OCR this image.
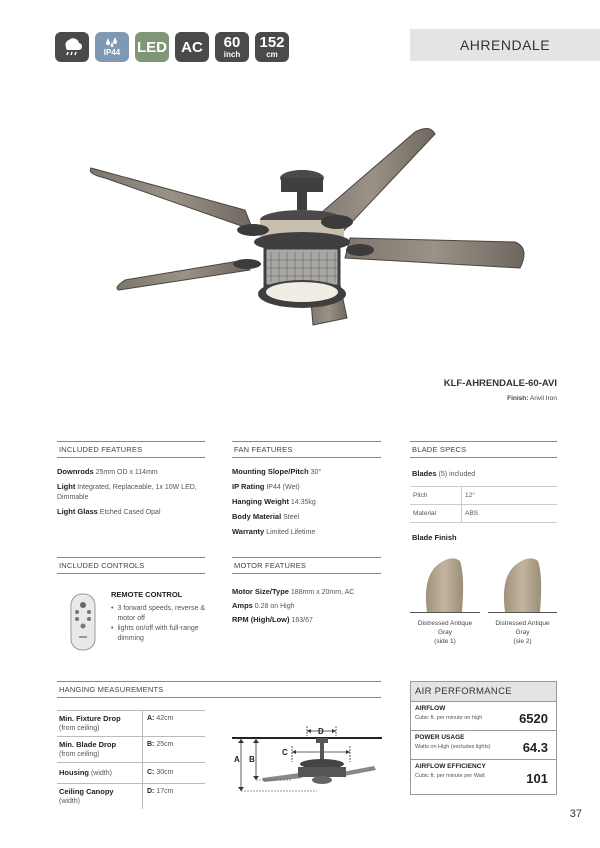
IP44 LED AC 60
inch
152
cm
AHRENDALE
KLF-AHRENDALE-60-AVI
Finish: Anvil Iron
INCLUDED FEATURES
Downrods 25mm OD x 114mm
Light Integrated, Replaceable, 1x 10W LED, Dimmable
Light Glass Etched Cased Opal
FAN FEATURES
Mounting Slope/Pitch 30°
IP Rating IP44 (Wet)
Hanging Weight 14.35kg
Body Material Steel
Warranty Limited Lifetime
BLADE SPECS
Blades (5) included
Pitch	12°
Material	ABS
Blade Finish
Distressed Antique
Gray
(side 1)
Distressed Antique
Gray
(sie 2)
INCLUDED CONTROLS
REMOTE CONTROL
• 3 forward speeds, reverse & motor off
• lights on/off with full-range dimming
MOTOR FEATURES
Motor Size/Type 188mm x 20mm, AC
Amps 0.28 on High
RPM (High/Low) 163/67
HANGING MEASUREMENTS
Min. Fixture Drop
(from ceiling)
A: 42cm
Min. Blade Drop
(from ceiling)
B: 25cm
Housing (width)	C: 30cm
Ceiling Canopy
(width)
D: 17cm
A B
C
D
AIR PERFORMANCE
AIRFLOW
Cubic ft. per minute on high	6520
POWER USAGE
Watts on High (excludes lights)	64.3
AIRFLOW EFFICIENCY
Cubic ft. per minute per Watt	101
37
